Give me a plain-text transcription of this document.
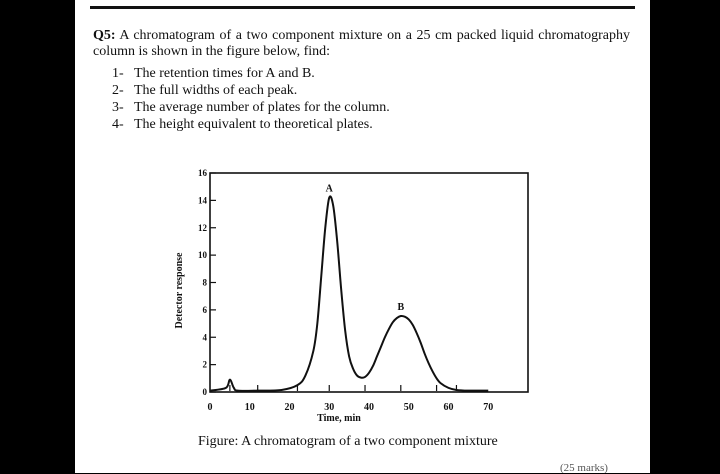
Q5: A chromatogram of a two component mixture on a 25 cm packed liquid chromatography column is shown in the figure below, find:
1- The retention times for A and B.
2- The full widths of each peak.
3- The average number of plates for the column.
4- The height equivalent to theoretical plates.
0
2
4
6
8
10
12
14
16
0	10	20	30	40	50	60	70
A
B
Time, min
Detector response
Figure: A chromatogram of a two component mixture
(25 marks)
